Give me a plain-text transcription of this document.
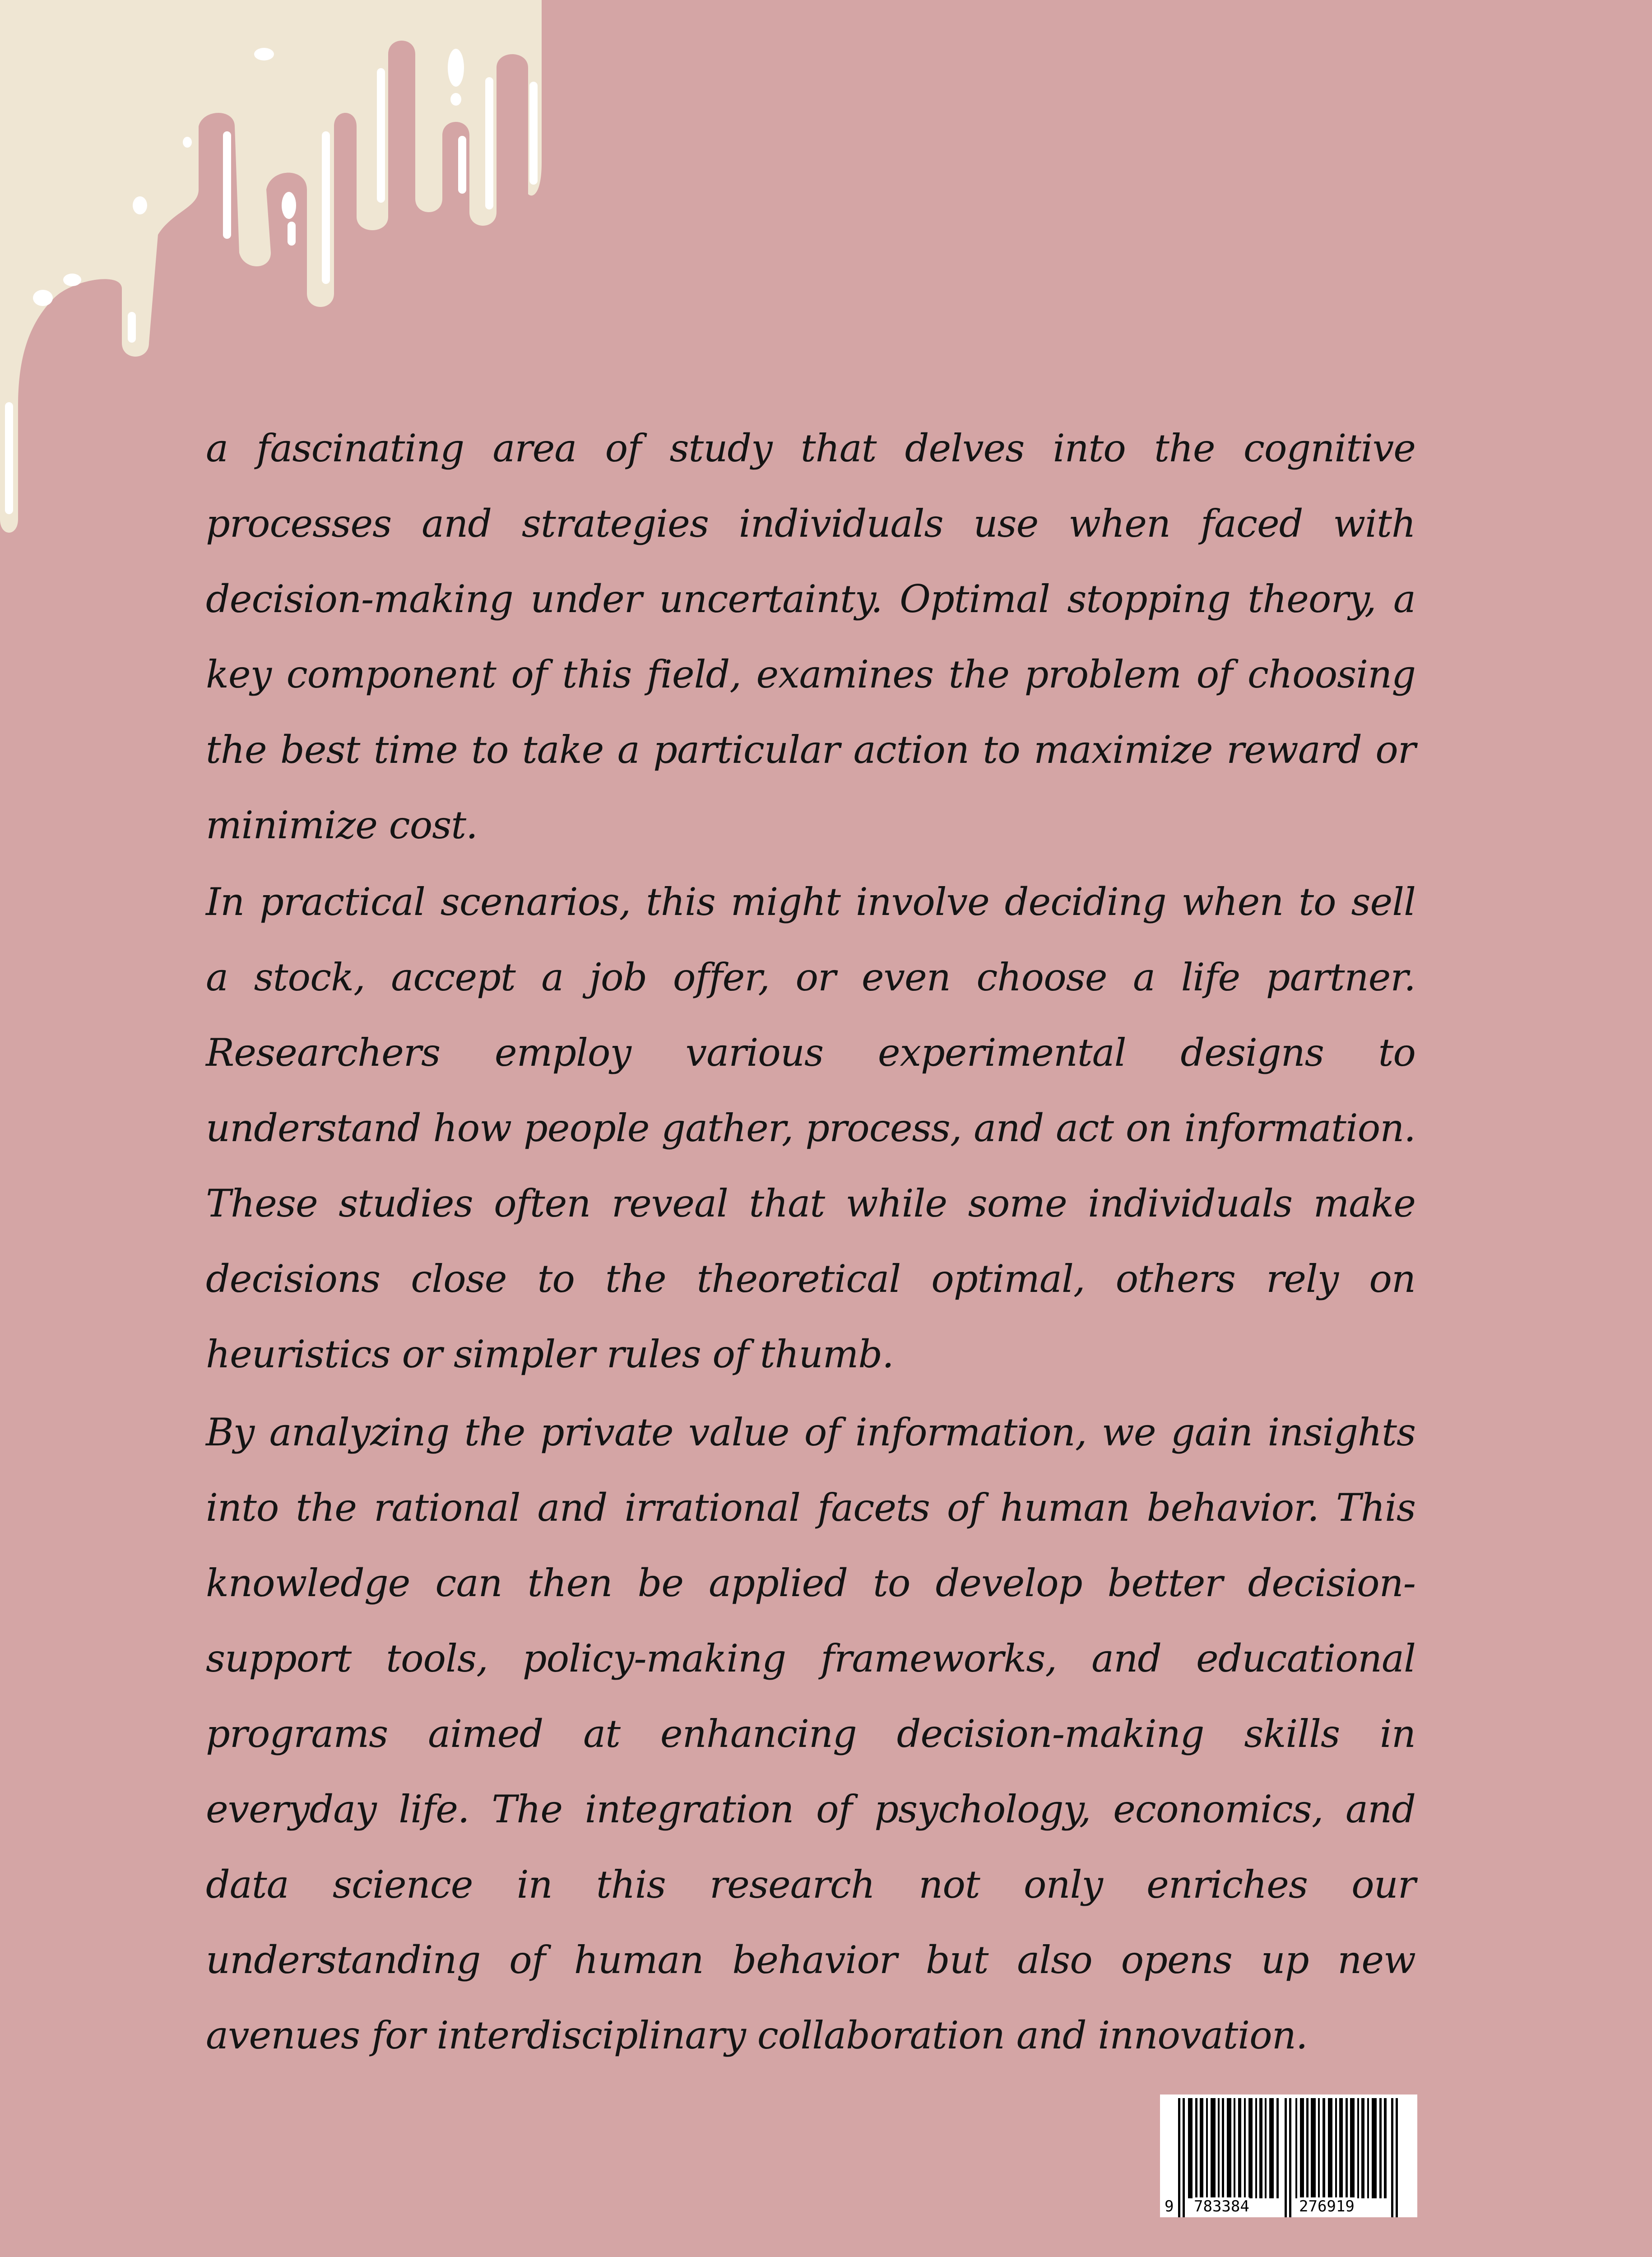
a fascinating area of study that delves into the cognitive processes and strategies individuals use when faced with decision-making under uncertainty. Optimal stopping theory, a key component of this field, examines the problem of choosing the best time to take a particular action to maximize reward or minimize cost.

In practical scenarios, this might involve deciding when to sell a stock, accept a job offer, or even choose a life partner. Researchers employ various experimental designs to understand how people gather, process, and act on information. These studies often reveal that while some individuals make decisions close to the theoretical optimal, others rely on heuristics or simpler rules of thumb.

By analyzing the private value of information, we gain insights into the rational and irrational facets of human behavior. This knowledge can then be applied to develop better decision-support tools, policy-making frameworks, and educational programs aimed at enhancing decision-making skills in everyday life. The integration of psychology, economics, and data science in this research not only enriches our understanding of human behavior but also opens up new avenues for interdisciplinary collaboration and innovation.

9 783384	276919
